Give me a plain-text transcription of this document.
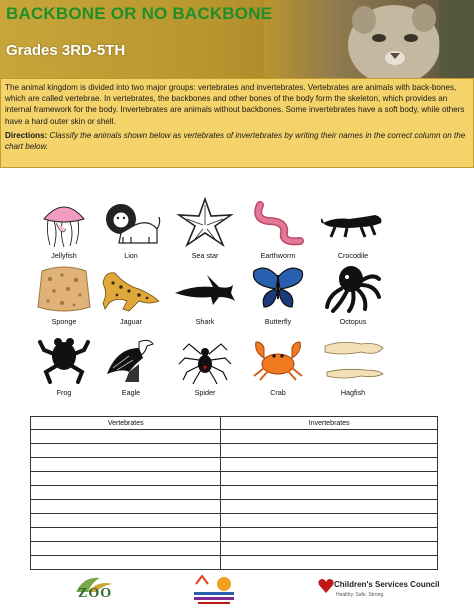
BACKBONE OR NO BACKBONE
Grades 3RD-5TH

The animal kingdom is divided into two major groups: vertebrates and invertebrates. Vertebrates are animals with back-bones, which are called vertebrae. In vertebrates, the backbones and other bones of the body form the skeleton, which provides an internal framework for the body. Invertebrates are animals without backbones. Some invertebrates have a soft body, while others have a hard outer skin or shell.

Directions: Classify the animals shown below as vertebrates of invertebrates by writing their names in the correct column on the chart below.

Jellyfish	Lion	Sea star	Earthworm	Crocodile
Sponge	Jaguar	Shark	Butterfly	Octopus
Frog	Eagle	Spider	Crab	Hagfish
Vertebrates	Invertebrates

ZOO
Children's Services Council
Healthy. Safe. Strong.
